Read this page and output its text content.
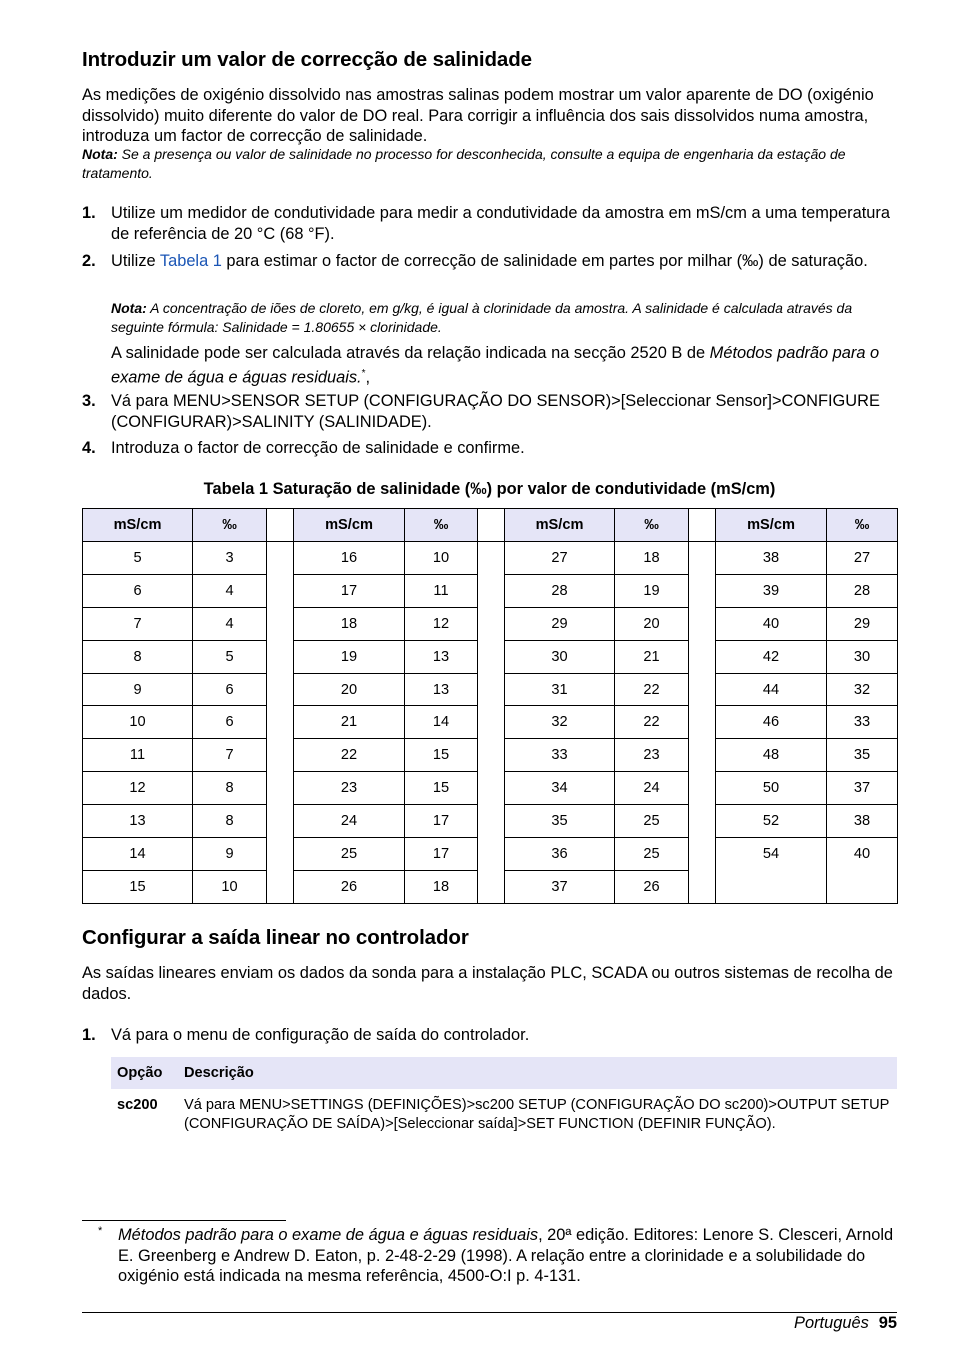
Introduzir um valor de correcção de salinidade
As medições de oxigénio dissolvido nas amostras salinas podem mostrar um valor aparente de DO (oxigénio dissolvido) muito diferente do valor de DO real. Para corrigir a influência dos sais dissolvidos numa amostra, introduza um factor de correcção de salinidade.
Nota: Se a presença ou valor de salinidade no processo for desconhecida, consulte a equipa de engenharia da estação de tratamento.
1. Utilize um medidor de condutividade para medir a condutividade da amostra em mS/cm a uma temperatura de referência de 20 °C (68 °F).
2. Utilize Tabela 1 para estimar o factor de correcção de salinidade em partes por milhar (‰) de saturação.
Nota: A concentração de iões de cloreto, em g/kg, é igual à clorinidade da amostra. A salinidade é calculada através da seguinte fórmula: Salinidade = 1.80655 × clorinidade.
A salinidade pode ser calculada através da relação indicada na secção 2520 B de Métodos padrão para o exame de água e águas residuais.*,
3. Vá para MENU>SENSOR SETUP (CONFIGURAÇÃO DO SENSOR)>[Seleccionar Sensor]>CONFIGURE (CONFIGURAR)>SALINITY (SALINIDADE).
4. Introduza o factor de correcção de salinidade e confirme.
Tabela 1 Saturação de salinidade (‰) por valor de condutividade (mS/cm)
mS/cm	‰		mS/cm	‰		mS/cm	‰		mS/cm	‰
5	3		16	10		27	18		38	27
6	4		17	11		28	19		39	28
7	4		18	12		29	20		40	29
8	5		19	13		30	21		42	30
9	6		20	13		31	22		44	32
10	6		21	14		32	22		46	33
11	7		22	15		33	23		48	35
12	8		23	15		34	24		50	37
13	8		24	17		35	25		52	38
14	9		25	17		36	25		54	40
15	10		26	18		37	26			
Configurar a saída linear no controlador
As saídas lineares enviam os dados da sonda para a instalação PLC, SCADA ou outros sistemas de recolha de dados.
1. Vá para o menu de configuração de saída do controlador.
Opção	Descrição
sc200	Vá para MENU>SETTINGS (DEFINIÇÕES)>sc200 SETUP (CONFIGURAÇÃO DO sc200)>OUTPUT SETUP (CONFIGURAÇÃO DE SAÍDA)>[Seleccionar saída]>SET FUNCTION (DEFINIR FUNÇÃO).
* Métodos padrão para o exame de água e águas residuais, 20ª edição. Editores: Lenore S. Clesceri, Arnold E. Greenberg e Andrew D. Eaton, p. 2-48-2-29 (1998). A relação entre a clorinidade e a solubilidade do oxigénio está indicada na mesma referência, 4500-O:I p. 4-131.
Português 95
